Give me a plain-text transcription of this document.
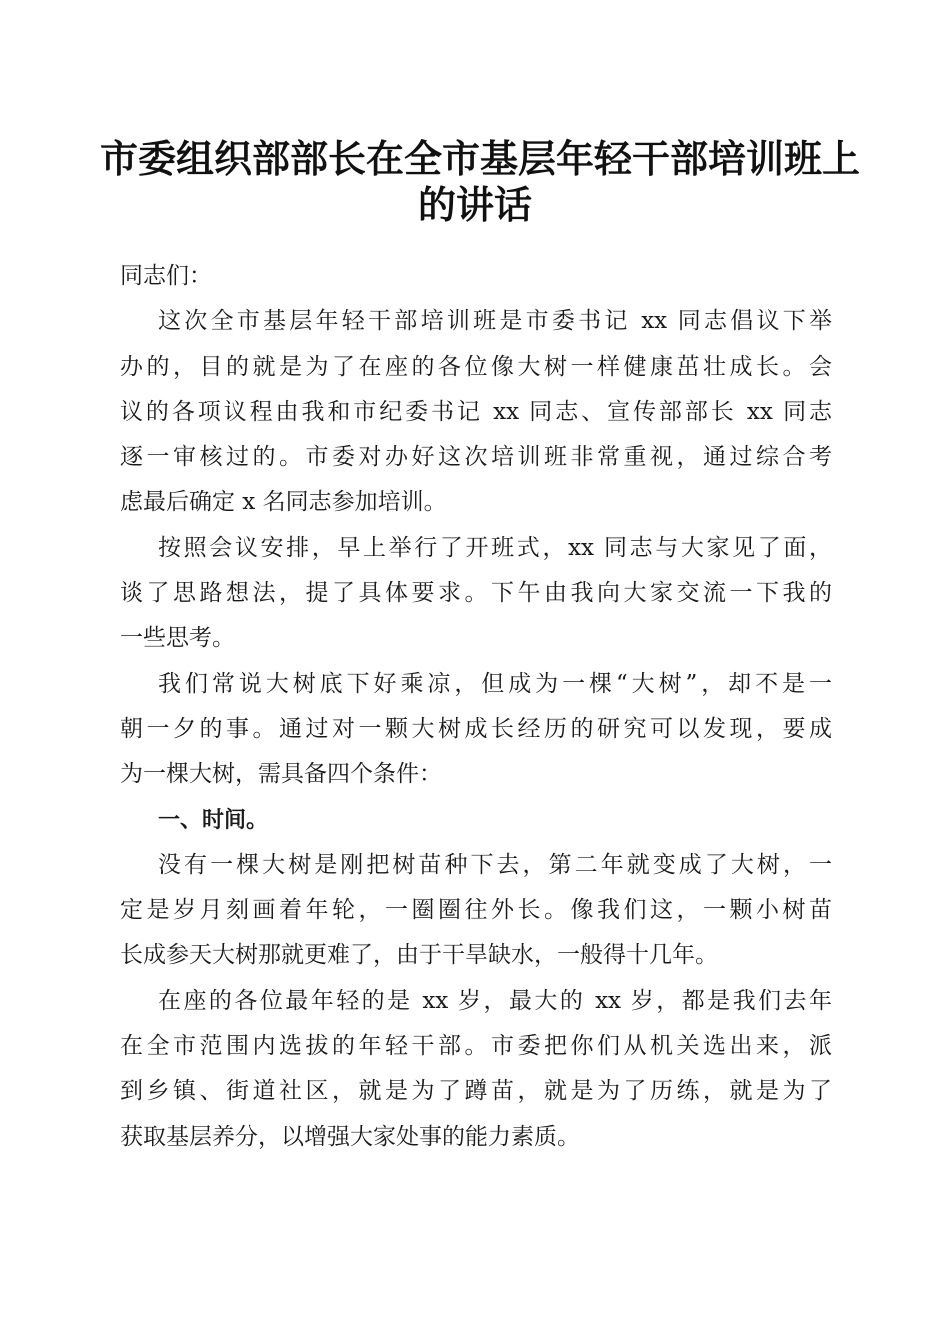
市委组织部部长在全市基层年轻干部培训班上
的讲话
同志们：
这次全市基层年轻干部培训班是市委书记 xx 同志倡议下举
办的，目的就是为了在座的各位像大树一样健康茁壮成长。会
议的各项议程由我和市纪委书记 xx 同志、宣传部部长 xx 同志
逐一审核过的。市委对办好这次培训班非常重视，通过综合考
虑最后确定 x 名同志参加培训。
按照会议安排，早上举行了开班式，xx 同志与大家见了面，
谈了思路想法，提了具体要求。下午由我向大家交流一下我的
一些思考。
我们常说大树底下好乘凉，但成为一棵“大树”，却不是一
朝一夕的事。通过对一颗大树成长经历的研究可以发现，要成
为一棵大树，需具备四个条件：
一、时间。
没有一棵大树是刚把树苗种下去，第二年就变成了大树，一
定是岁月刻画着年轮，一圈圈往外长。像我们这，一颗小树苗
长成参天大树那就更难了，由于干旱缺水，一般得十几年。
在座的各位最年轻的是 xx 岁，最大的 xx 岁，都是我们去年
在全市范围内选拔的年轻干部。市委把你们从机关选出来，派
到乡镇、街道社区，就是为了蹲苗，就是为了历练，就是为了
获取基层养分，以增强大家处事的能力素质。
